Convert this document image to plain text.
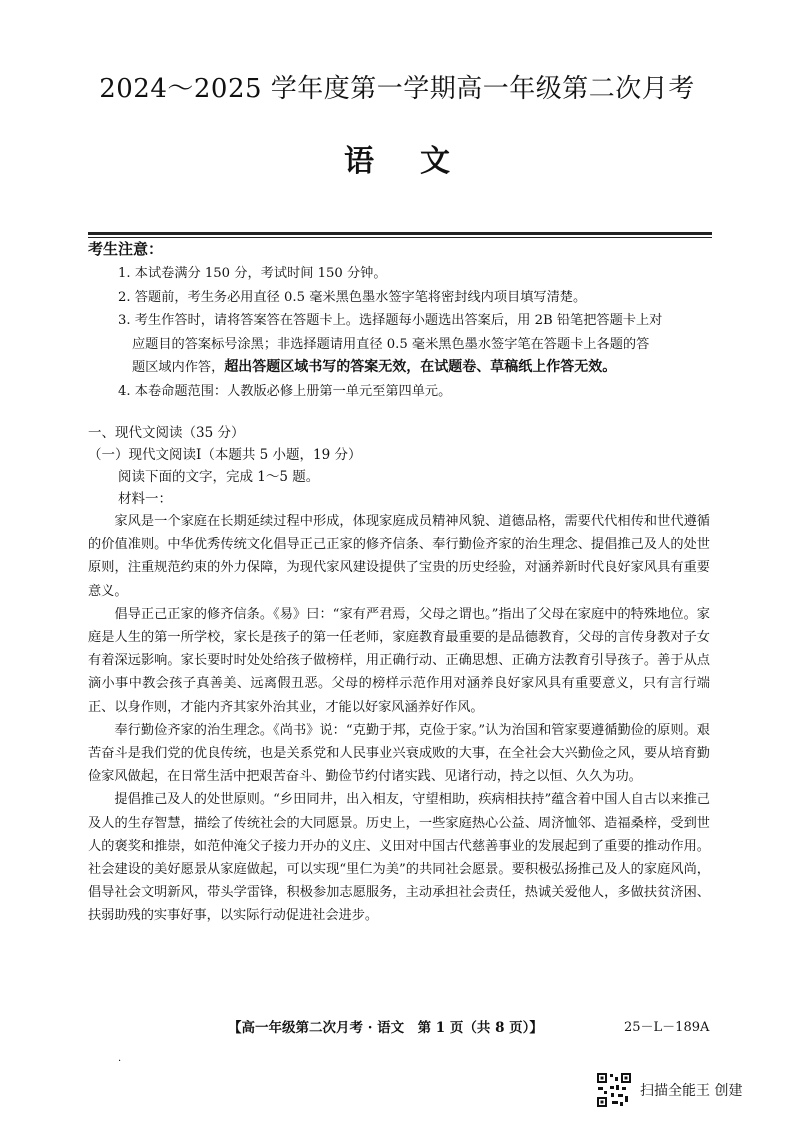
2024～2025 学年度第一学期高一年级第二次月考
语文
考生注意：
1. 本试卷满分 150 分，考试时间 150 分钟。
2. 答题前，考生务必用直径 0.5 毫米黑色墨水签字笔将密封线内项目填写清楚。
3. 考生作答时，请将答案答在答题卡上。选择题每小题选出答案后，用 2B 铅笔把答题卡上对
应题目的答案标号涂黑；非选择题请用直径 0.5 毫米黑色墨水签字笔在答题卡上各题的答
题区域内作答，超出答题区域书写的答案无效，在试题卷、草稿纸上作答无效。
4. 本卷命题范围：人教版必修上册第一单元至第四单元。
一、现代文阅读（35 分）
（一）现代文阅读Ⅰ（本题共 5 小题，19 分）
阅读下面的文字，完成 1～5 题。
材料一：

家风是一个家庭在长期延续过程中形成，体现家庭成员精神风貌、道德品格，需要代代相传和世代遵循的价值准则。中华优秀传统文化倡导正己正家的修齐信条、奉行勤俭齐家的治生理念、提倡推己及人的处世原则，注重规范约束的外力保障，为现代家风建设提供了宝贵的历史经验，对涵养新时代良好家风具有重要意义。

倡导正己正家的修齐信条。《易》曰：“家有严君焉，父母之谓也。”指出了父母在家庭中的特殊地位。家庭是人生的第一所学校，家长是孩子的第一任老师，家庭教育最重要的是品德教育，父母的言传身教对子女有着深远影响。家长要时时处处给孩子做榜样，用正确行动、正确思想、正确方法教育引导孩子。善于从点滴小事中教会孩子真善美、远离假丑恶。父母的榜样示范作用对涵养良好家风具有重要意义，只有言行端正、以身作则，才能内齐其家外治其业，才能以好家风涵养好作风。

奉行勤俭齐家的治生理念。《尚书》说：“克勤于邦，克俭于家。”认为治国和管家要遵循勤俭的原则。艰苦奋斗是我们党的优良传统，也是关系党和人民事业兴衰成败的大事，在全社会大兴勤俭之风，要从培育勤俭家风做起，在日常生活中把艰苦奋斗、勤俭节约付诸实践、见诸行动，持之以恒、久久为功。

提倡推己及人的处世原则。“乡田同井，出入相友，守望相助，疾病相扶持”蕴含着中国人自古以来推己及人的生存智慧，描绘了传统社会的大同愿景。历史上，一些家庭热心公益、周济恤邻、造福桑梓，受到世人的褒奖和推崇，如范仲淹父子接力开办的义庄、义田对中国古代慈善事业的发展起到了重要的推动作用。社会建设的美好愿景从家庭做起，可以实现“里仁为美”的共同社会愿景。要积极弘扬推己及人的家庭风尚，倡导社会文明新风，带头学雷锋，积极参加志愿服务，主动承担社会责任，热诚关爱他人，多做扶贫济困、扶弱助残的实事好事，以实际行动促进社会进步。

【高一年级第二次月考 · 语文　第 1 页（共 8 页）】	25－L－189A
·
扫描全能王 创建
